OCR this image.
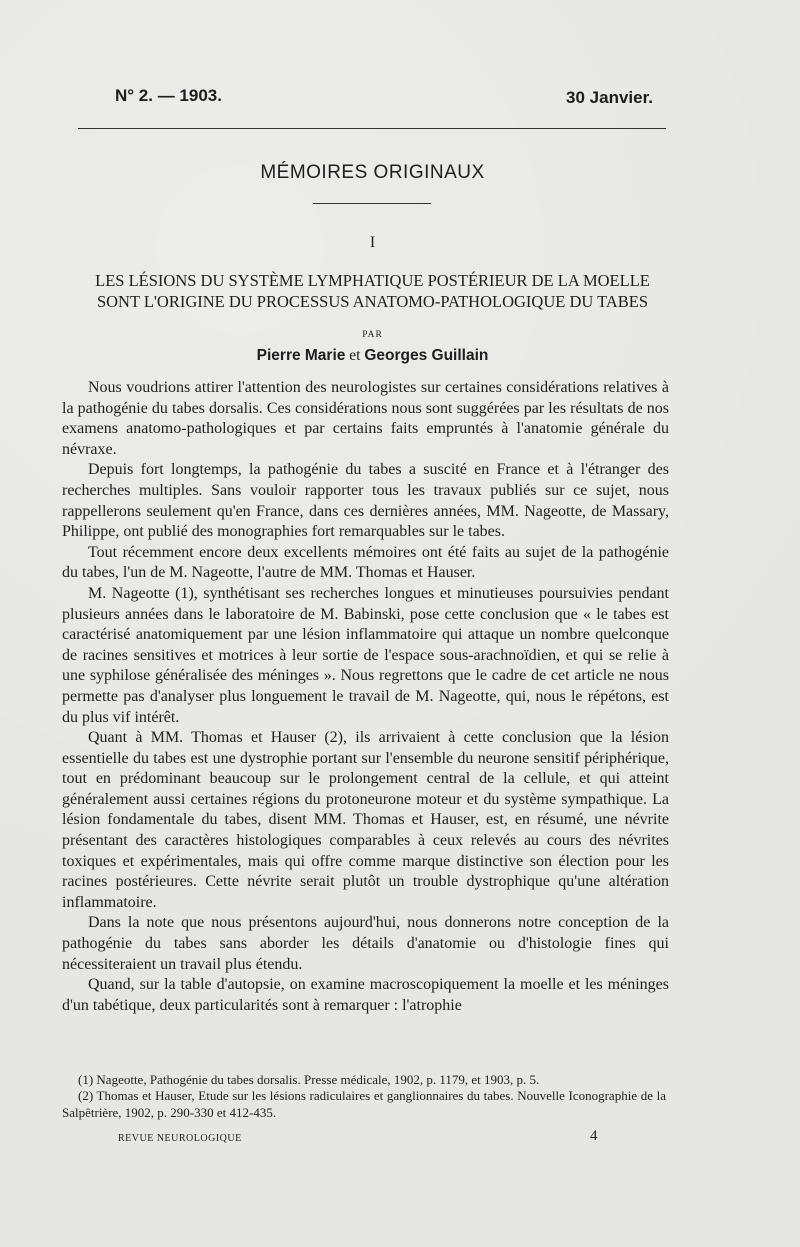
N° 2. — 1903.	30 Janvier.
MÉMOIRES ORIGINAUX
I
LES LÉSIONS DU SYSTÈME LYMPHATIQUE POSTÉRIEUR DE LA MOELLE
SONT L'ORIGINE DU PROCESSUS ANATOMO-PATHOLOGIQUE DU TABES
PAR
Pierre Marie et Georges Guillain

Nous voudrions attirer l'attention des neurologistes sur certaines considérations relatives à la pathogénie du tabes dorsalis. Ces considérations nous sont suggérées par les résultats de nos examens anatomo-pathologiques et par certains faits empruntés à l'anatomie générale du névraxe.

Depuis fort longtemps, la pathogénie du tabes a suscité en France et à l'étranger des recherches multiples. Sans vouloir rapporter tous les travaux publiés sur ce sujet, nous rappellerons seulement qu'en France, dans ces dernières années, MM. Nageotte, de Massary, Philippe, ont publié des monographies fort remarquables sur le tabes.

Tout récemment encore deux excellents mémoires ont été faits au sujet de la pathogénie du tabes, l'un de M. Nageotte, l'autre de MM. Thomas et Hauser.

M. Nageotte (1), synthétisant ses recherches longues et minutieuses poursuivies pendant plusieurs années dans le laboratoire de M. Babinski, pose cette conclusion que « le tabes est caractérisé anatomiquement par une lésion inflammatoire qui attaque un nombre quelconque de racines sensitives et motrices à leur sortie de l'espace sous-arachnoïdien, et qui se relie à une syphilose généralisée des méninges ». Nous regrettons que le cadre de cet article ne nous permette pas d'analyser plus longuement le travail de M. Nageotte, qui, nous le répétons, est du plus vif intérêt.

Quant à MM. Thomas et Hauser (2), ils arrivaient à cette conclusion que la lésion essentielle du tabes est une dystrophie portant sur l'ensemble du neurone sensitif périphérique, tout en prédominant beaucoup sur le prolongement central de la cellule, et qui atteint généralement aussi certaines régions du protoneurone moteur et du système sympathique. La lésion fondamentale du tabes, disent MM. Thomas et Hauser, est, en résumé, une névrite présentant des caractères histologiques comparables à ceux relevés au cours des névrites toxiques et expérimentales, mais qui offre comme marque distinctive son élection pour les racines postérieures. Cette névrite serait plutôt un trouble dystrophique qu'une altération inflammatoire.

Dans la note que nous présentons aujourd'hui, nous donnerons notre conception de la pathogénie du tabes sans aborder les détails d'anatomie ou d'histologie fines qui nécessiteraient un travail plus étendu.

Quand, sur la table d'autopsie, on examine macroscopiquement la moelle et les méninges d'un tabétique, deux particularités sont à remarquer : l'atrophie

(1) Nageotte, Pathogénie du tabes dorsalis. Presse médicale, 1902, p. 1179, et 1903, p. 5.

(2) Thomas et Hauser, Etude sur les lésions radiculaires et ganglionnaires du tabes. Nouvelle Iconographie de la Salpêtrière, 1902, p. 290-330 et 412-435.

REVUE NEUROLOGIQUE	4
